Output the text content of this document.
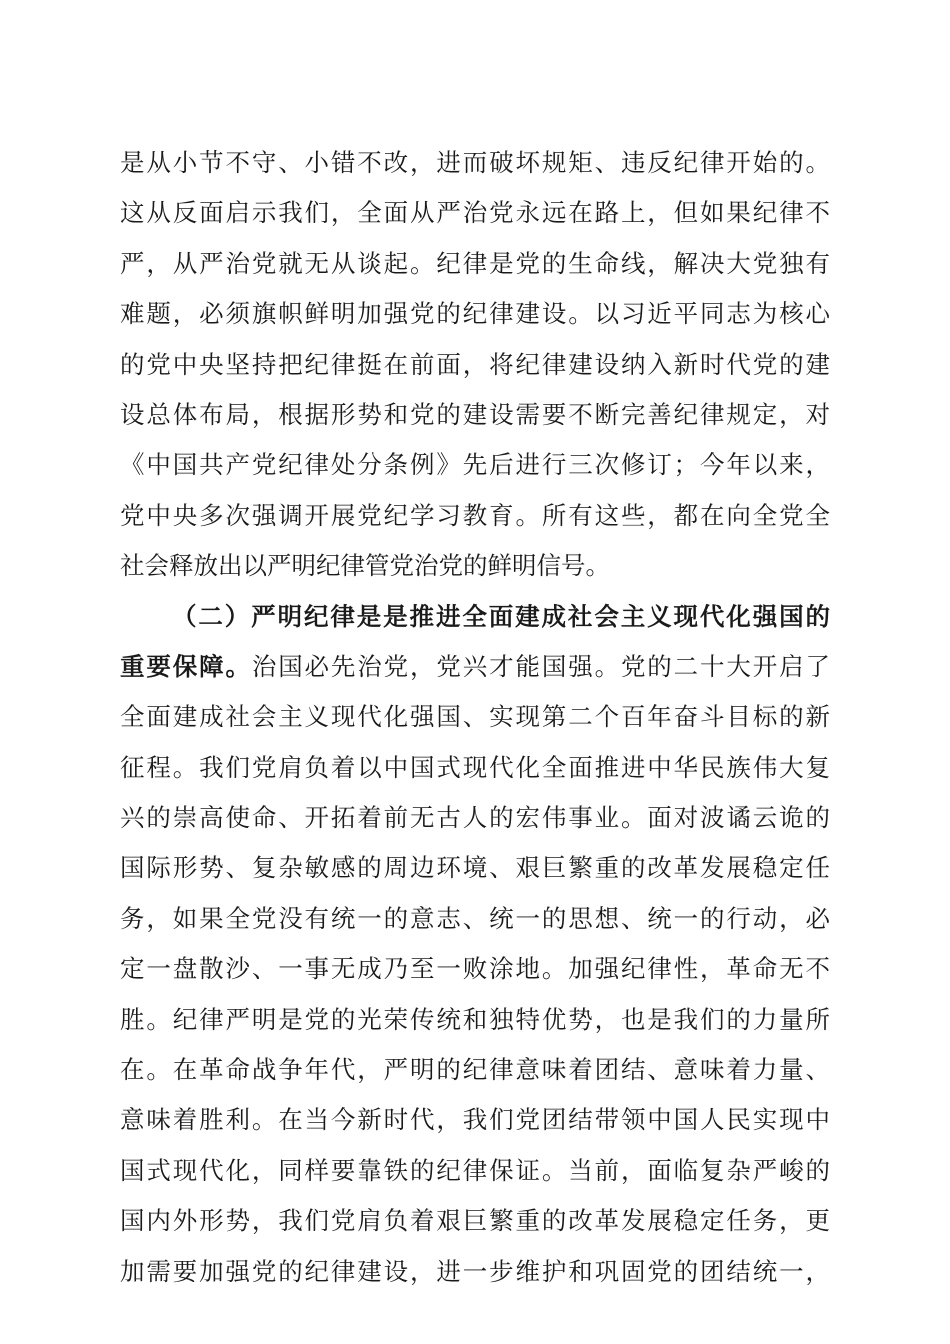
是从小节不守、小错不改，进而破坏规矩、违反纪律开始的。
这从反面启示我们，全面从严治党永远在路上，但如果纪律不
严，从严治党就无从谈起。纪律是党的生命线，解决大党独有
难题，必须旗帜鲜明加强党的纪律建设。以习近平同志为核心
的党中央坚持把纪律挺在前面，将纪律建设纳入新时代党的建
设总体布局，根据形势和党的建设需要不断完善纪律规定，对
《中国共产党纪律处分条例》先后进行三次修订；今年以来，
党中央多次强调开展党纪学习教育。所有这些，都在向全党全
社会释放出以严明纪律管党治党的鲜明信号。
（二）严明纪律是是推进全面建成社会主义现代化强国的
重要保障。治国必先治党，党兴才能国强。党的二十大开启了
全面建成社会主义现代化强国、实现第二个百年奋斗目标的新
征程。我们党肩负着以中国式现代化全面推进中华民族伟大复
兴的崇高使命、开拓着前无古人的宏伟事业。面对波谲云诡的
国际形势、复杂敏感的周边环境、艰巨繁重的改革发展稳定任
务，如果全党没有统一的意志、统一的思想、统一的行动，必
定一盘散沙、一事无成乃至一败涂地。加强纪律性，革命无不
胜。纪律严明是党的光荣传统和独特优势，也是我们的力量所
在。在革命战争年代，严明的纪律意味着团结、意味着力量、
意味着胜利。在当今新时代，我们党团结带领中国人民实现中
国式现代化，同样要靠铁的纪律保证。当前，面临复杂严峻的
国内外形势，我们党肩负着艰巨繁重的改革发展稳定任务，更
加需要加强党的纪律建设，进一步维护和巩固党的团结统一，
